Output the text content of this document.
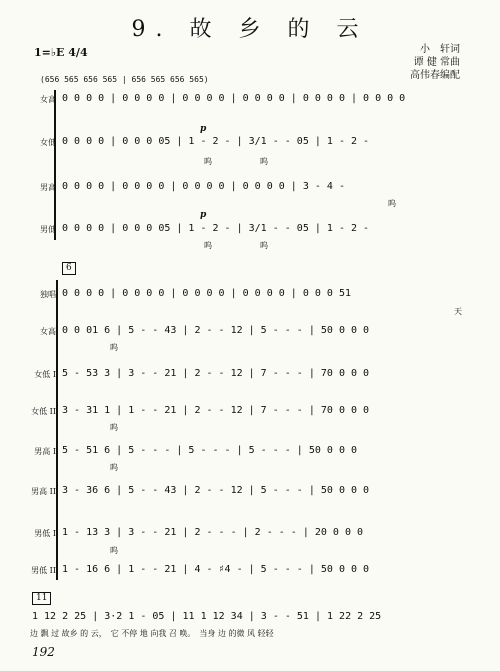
9. 故 乡 的 云
1=♭E 4/4	小　轩词
谭 健 常曲
高伟春编配
(656 565 656 565 | 656 565 656 565)
女高 0 0 0 0 | 0 0 0 0 | 0 0 0 0 | 0 0 0 0 | 0 0 0 0 | 0 0 0 0
女低
p
0 0 0 0 | 0 0 0 05 | 1 - 2 - | 3/1 - - 05 | 1 - 2 -
呜　　　　　　呜
男高 0 0 0 0 | 0 0 0 0 | 0 0 0 0 | 0 0 0 0 | 3 - 4 -
呜
男低
p
0 0 0 0 | 0 0 0 05 | 1 - 2 - | 3/1 - - 05 | 1 - 2 -
呜　　　　　　呜
6
独唱 0 0 0 0 | 0 0 0 0 | 0 0 0 0 | 0 0 0 0 | 0 0 0 51
天
女高 0 0 01 6 | 5 - - 43 | 2 - - 12 | 5 - - - | 50 0 0 0
呜
女低 I 5 - 53 3 | 3 - - 21 | 2 - - 12 | 7 - - - | 70 0 0 0
女低 II 3 - 31 1 | 1 - - 21 | 2 - - 12 | 7 - - - | 70 0 0 0
呜
男高 I 5 - 51 6 | 5 - - - | 5 - - - | 5 - - - | 50 0 0 0
呜
男高 II 3 - 36 6 | 5 - - 43 | 2 - - 12 | 5 - - - | 50 0 0 0
男低 I 1 - 13 3 | 3 - - 21 | 2 - - - | 2 - - - | 20 0 0 0
呜
男低 II 1 - 16 6 | 1 - - 21 | 4 - ♯4 - | 5 - - - | 50 0 0 0
11
1 12 2 25 | 3·2 1 - 05 | 11 1 12 34 | 3 - - 51 | 1 22 2 25
边 飘 过 故乡 的 云，　它 不停 地 向我 召 唤。　当身 边 的微 风 轻轻
192
